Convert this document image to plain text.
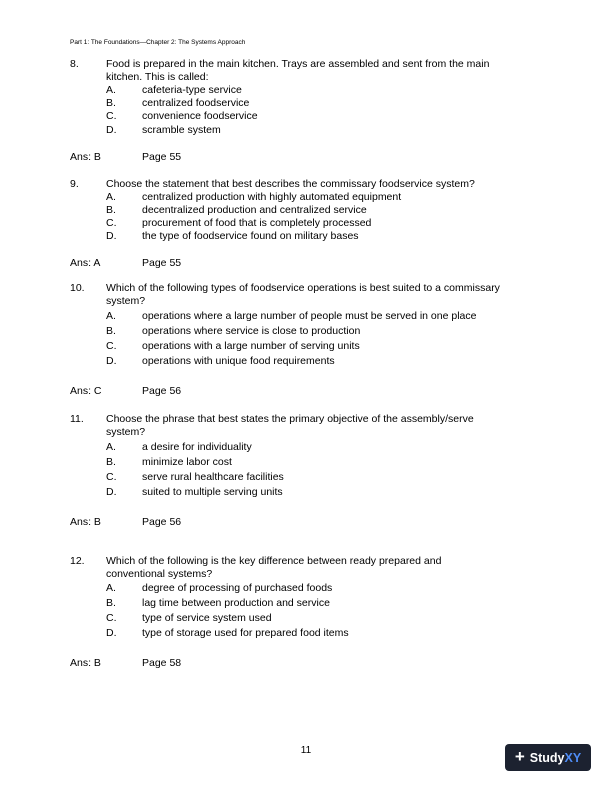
Part 1: The Foundations—Chapter 2: The Systems Approach
8.	Food is prepared in the main kitchen. Trays are assembled and sent from the main
kitchen. This is called:
A. cafeteria-type service
B. centralized foodservice
C. convenience foodservice
D. scramble system
Ans: B	Page 55
9.	Choose the statement that best describes the commissary foodservice system?
A. centralized production with highly automated equipment
B. decentralized production and centralized service
C. procurement of food that is completely processed
D. the type of foodservice found on military bases
Ans: A	Page 55
10. Which of the following types of foodservice operations is best suited to a commissary
system?
A. operations where a large number of people must be served in one place
B. operations where service is close to production
C. operations with a large number of serving units
D. operations with unique food requirements
Ans: C	Page 56
11. Choose the phrase that best states the primary objective of the assembly/serve
system?
A. a desire for individuality
B. minimize labor cost
C. serve rural healthcare facilities
D. suited to multiple serving units
Ans: B	Page 56
12. Which of the following is the key difference between ready prepared and
conventional systems?
A. degree of processing of purchased foods
B. lag time between production and service
C. type of service system used
D. type of storage used for prepared food items
Ans: B	Page 58
11	+ StudyXY
